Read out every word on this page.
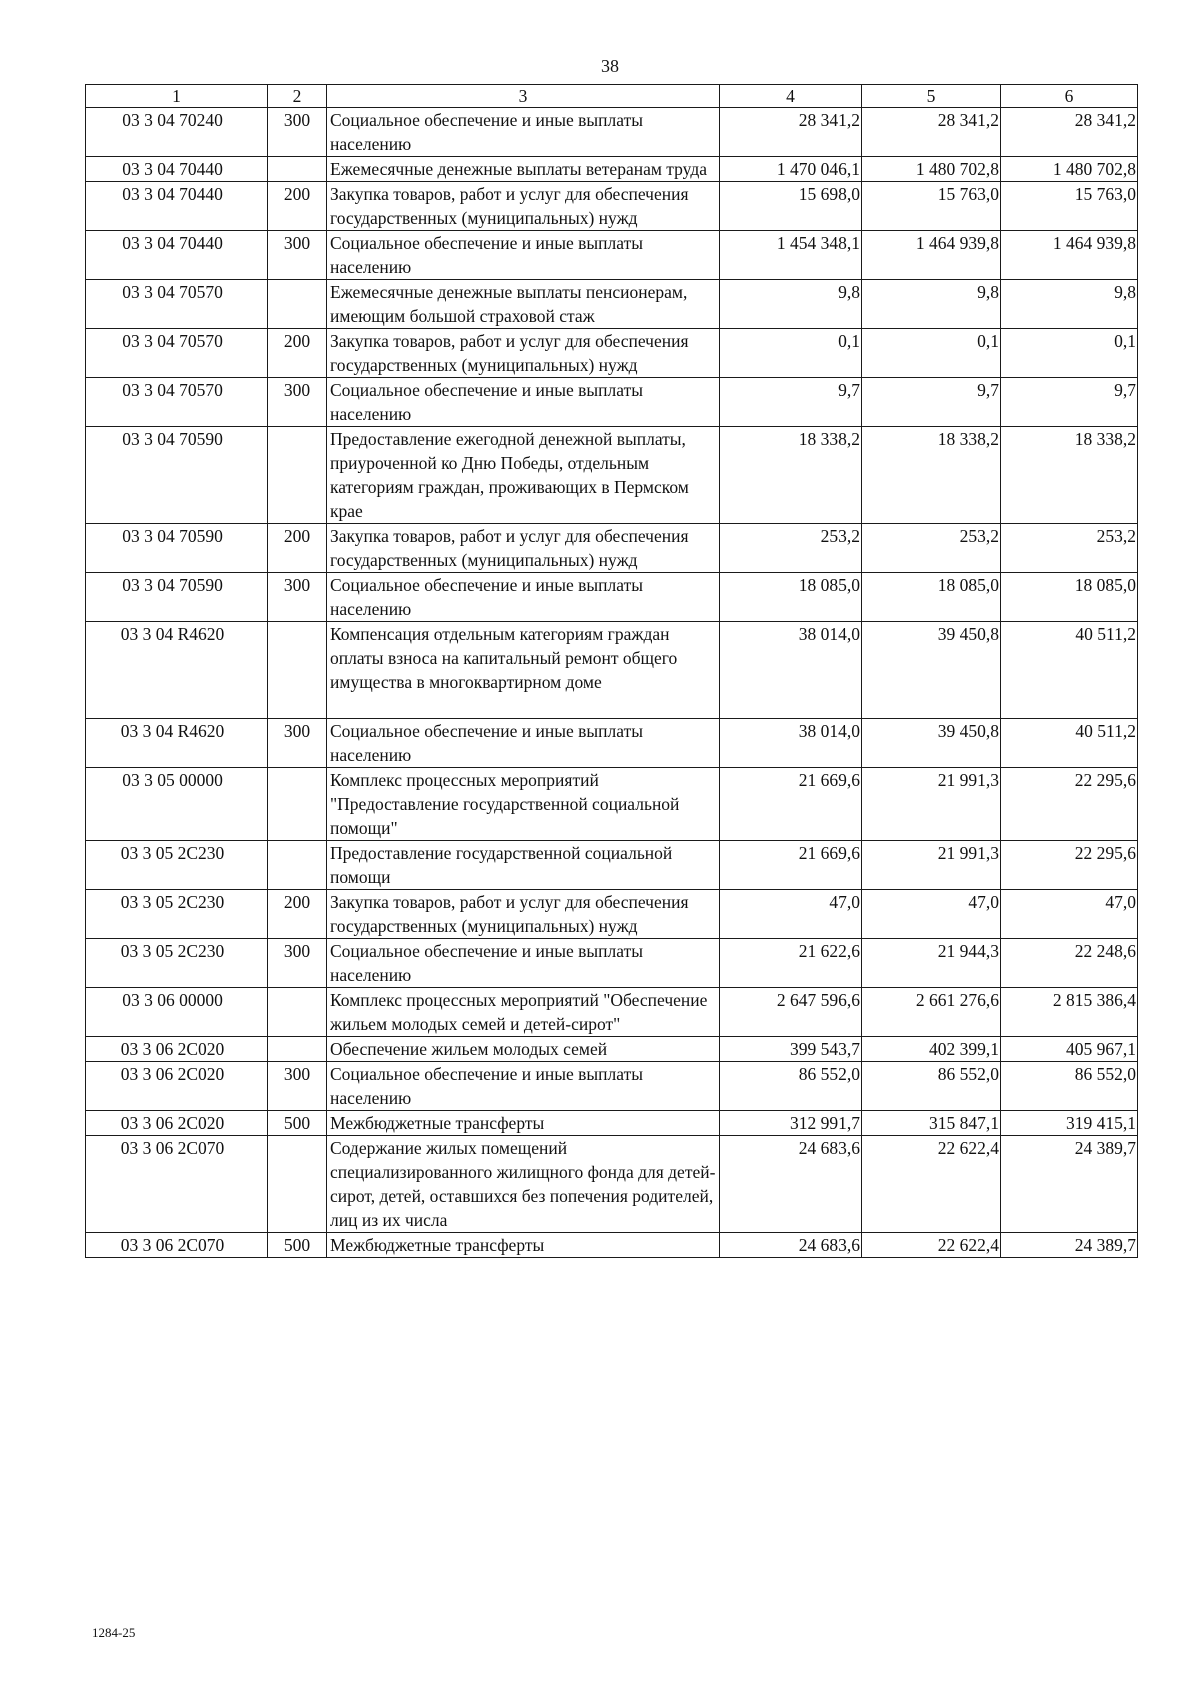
38
1	2	3	4	5	6
03 3 04 70240	300	Социальное обеспечение и иные выплаты населению	28 341,2	28 341,2	28 341,2
03 3 04 70440		Ежемесячные денежные выплаты ветеранам труда	1 470 046,1	1 480 702,8	1 480 702,8
03 3 04 70440	200	Закупка товаров, работ и услуг для обеспечения государственных (муниципальных) нужд	15 698,0	15 763,0	15 763,0
03 3 04 70440	300	Социальное обеспечение и иные выплаты населению	1 454 348,1	1 464 939,8	1 464 939,8
03 3 04 70570		Ежемесячные денежные выплаты пенсионерам, имеющим большой страховой стаж	9,8	9,8	9,8
03 3 04 70570	200	Закупка товаров, работ и услуг для обеспечения государственных (муниципальных) нужд	0,1	0,1	0,1
03 3 04 70570	300	Социальное обеспечение и иные выплаты населению	9,7	9,7	9,7
03 3 04 70590		Предоставление ежегодной денежной выплаты, приуроченной ко Дню Победы, отдельным категориям граждан, проживающих в Пермском крае	18 338,2	18 338,2	18 338,2
03 3 04 70590	200	Закупка товаров, работ и услуг для обеспечения государственных (муниципальных) нужд	253,2	253,2	253,2
03 3 04 70590	300	Социальное обеспечение и иные выплаты населению	18 085,0	18 085,0	18 085,0
03 3 04 R4620		Компенсация отдельным категориям граждан оплаты взноса на капитальный ремонт общего имущества в многоквартирном доме	38 014,0	39 450,8	40 511,2
03 3 04 R4620	300	Социальное обеспечение и иные выплаты населению	38 014,0	39 450,8	40 511,2
03 3 05 00000		Комплекс процессных мероприятий "Предоставление государственной социальной помощи"	21 669,6	21 991,3	22 295,6
03 3 05 2С230		Предоставление государственной социальной помощи	21 669,6	21 991,3	22 295,6
03 3 05 2С230	200	Закупка товаров, работ и услуг для обеспечения государственных (муниципальных) нужд	47,0	47,0	47,0
03 3 05 2С230	300	Социальное обеспечение и иные выплаты населению	21 622,6	21 944,3	22 248,6
03 3 06 00000		Комплекс процессных мероприятий "Обеспечение жильем молодых семей и детей-сирот"	2 647 596,6	2 661 276,6	2 815 386,4
03 3 06 2С020		Обеспечение жильем молодых семей	399 543,7	402 399,1	405 967,1
03 3 06 2С020	300	Социальное обеспечение и иные выплаты населению	86 552,0	86 552,0	86 552,0
03 3 06 2С020	500	Межбюджетные трансферты	312 991,7	315 847,1	319 415,1
03 3 06 2С070		Содержание жилых помещений специализированного жилищного фонда для детей-сирот, детей, оставшихся без попечения родителей, лиц из их числа	24 683,6	22 622,4	24 389,7
03 3 06 2С070	500	Межбюджетные трансферты	24 683,6	22 622,4	24 389,7
1284-25
